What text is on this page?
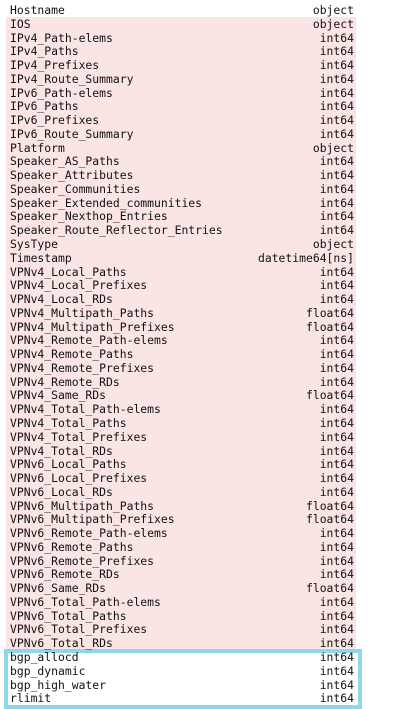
Hostname	object
IOS	object
IPv4_Path-elems	int64
IPv4_Paths	int64
IPv4_Prefixes	int64
IPv4_Route_Summary	int64
IPv6_Path-elems	int64
IPv6_Paths	int64
IPv6_Prefixes	int64
IPv6_Route_Summary	int64
Platform	object
Speaker_AS_Paths	int64
Speaker_Attributes	int64
Speaker_Communities	int64
Speaker_Extended_communities	int64
Speaker_Nexthop_Entries	int64
Speaker_Route_Reflector_Entries	int64
SysType	object
Timestamp	datetime64[ns]
VPNv4_Local_Paths	int64
VPNv4_Local_Prefixes	int64
VPNv4_Local_RDs	int64
VPNv4_Multipath_Paths	float64
VPNv4_Multipath_Prefixes	float64
VPNv4_Remote_Path-elems	int64
VPNv4_Remote_Paths	int64
VPNv4_Remote_Prefixes	int64
VPNv4_Remote_RDs	int64
VPNv4_Same_RDs	float64
VPNv4_Total_Path-elems	int64
VPNv4_Total_Paths	int64
VPNv4_Total_Prefixes	int64
VPNv4_Total_RDs	int64
VPNv6_Local_Paths	int64
VPNv6_Local_Prefixes	int64
VPNv6_Local_RDs	int64
VPNv6_Multipath_Paths	float64
VPNv6_Multipath_Prefixes	float64
VPNv6_Remote_Path-elems	int64
VPNv6_Remote_Paths	int64
VPNv6_Remote_Prefixes	int64
VPNv6_Remote_RDs	int64
VPNv6_Same_RDs	float64
VPNv6_Total_Path-elems	int64
VPNv6_Total_Paths	int64
VPNv6_Total_Prefixes	int64
VPNv6_Total_RDs	int64
bgp_allocd	int64
bgp_dynamic	int64
bgp_high_water	int64
rlimit	int64
